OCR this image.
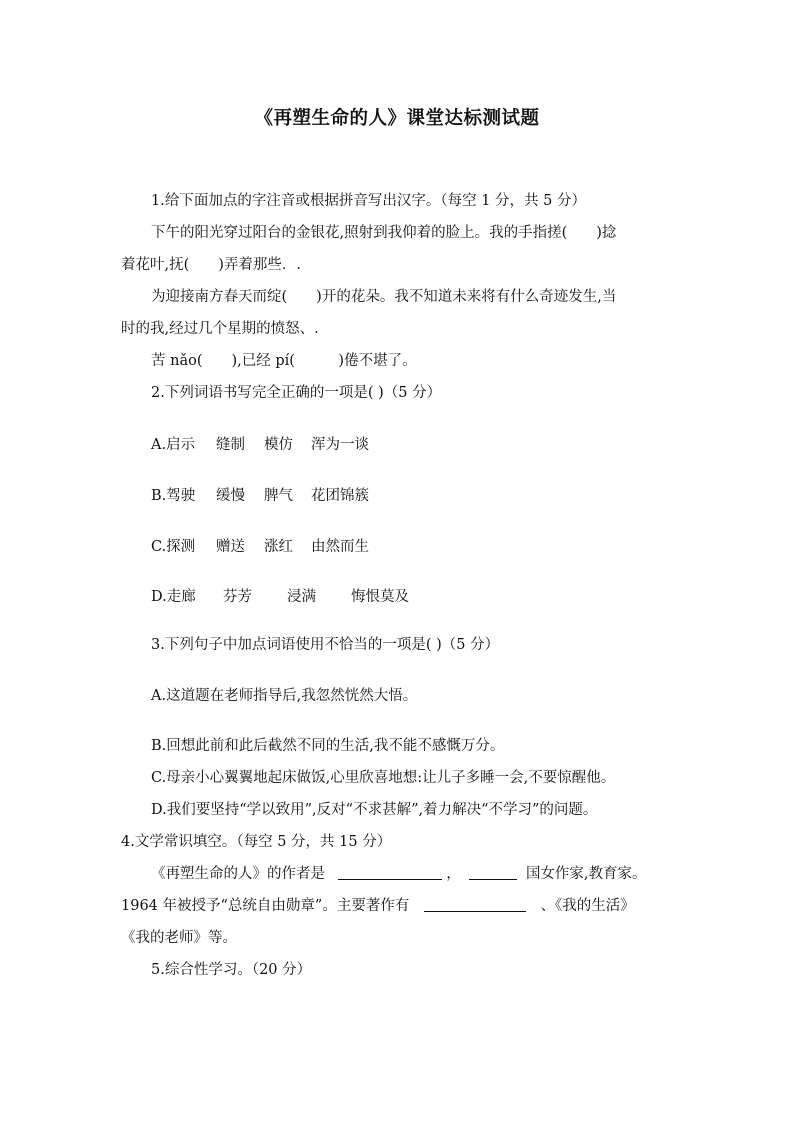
《再塑生命的人》课堂达标测试题
1.给下面加点的字注音或根据拼音写出汉字。（每空 1 分，共 5 分）
下午的阳光穿过阳台的金银花,照射到我仰着的脸上。我的手指搓(　　)捻
着花叶,抚(　　)弄着那些．.
为迎接南方春天而绽(　　)开的花朵。我不知道未来将有什么奇迹发生,当
时的我,经过几个星期的愤怒、.
苦 nǎo(　　),已经 pí(　　　)倦不堪了。
2.下列词语书写完全正确的一项是( )（5 分）
A.启示 缝制 模仿 浑为一谈
B.驾驶 缓慢 脾气 花团锦簇
C.探测 赠送 涨红 由然而生
D.走廊 芬芳 浸满 悔恨莫及
3.下列句子中加点词语使用不恰当的一项是( )（5 分）
A.这道题在老师指导后,我忽然恍然大悟。
B.回想此前和此后截然不同的生活,我不能不感慨万分。
C.母亲小心翼翼地起床做饭,心里欣喜地想:让儿子多睡一会,不要惊醒他。
D.我们要坚持“学以致用”,反对“不求甚解”,着力解决“不学习”的问题。
4.文学常识填空。（每空 5 分，共 15 分）
《再塑生命的人》的作者是	，	国女作家,教育家。
1964 年被授予“总统自由勋章”。主要著作有	、《我的生活》
《我的老师》等。
5.综合性学习。（20 分）
